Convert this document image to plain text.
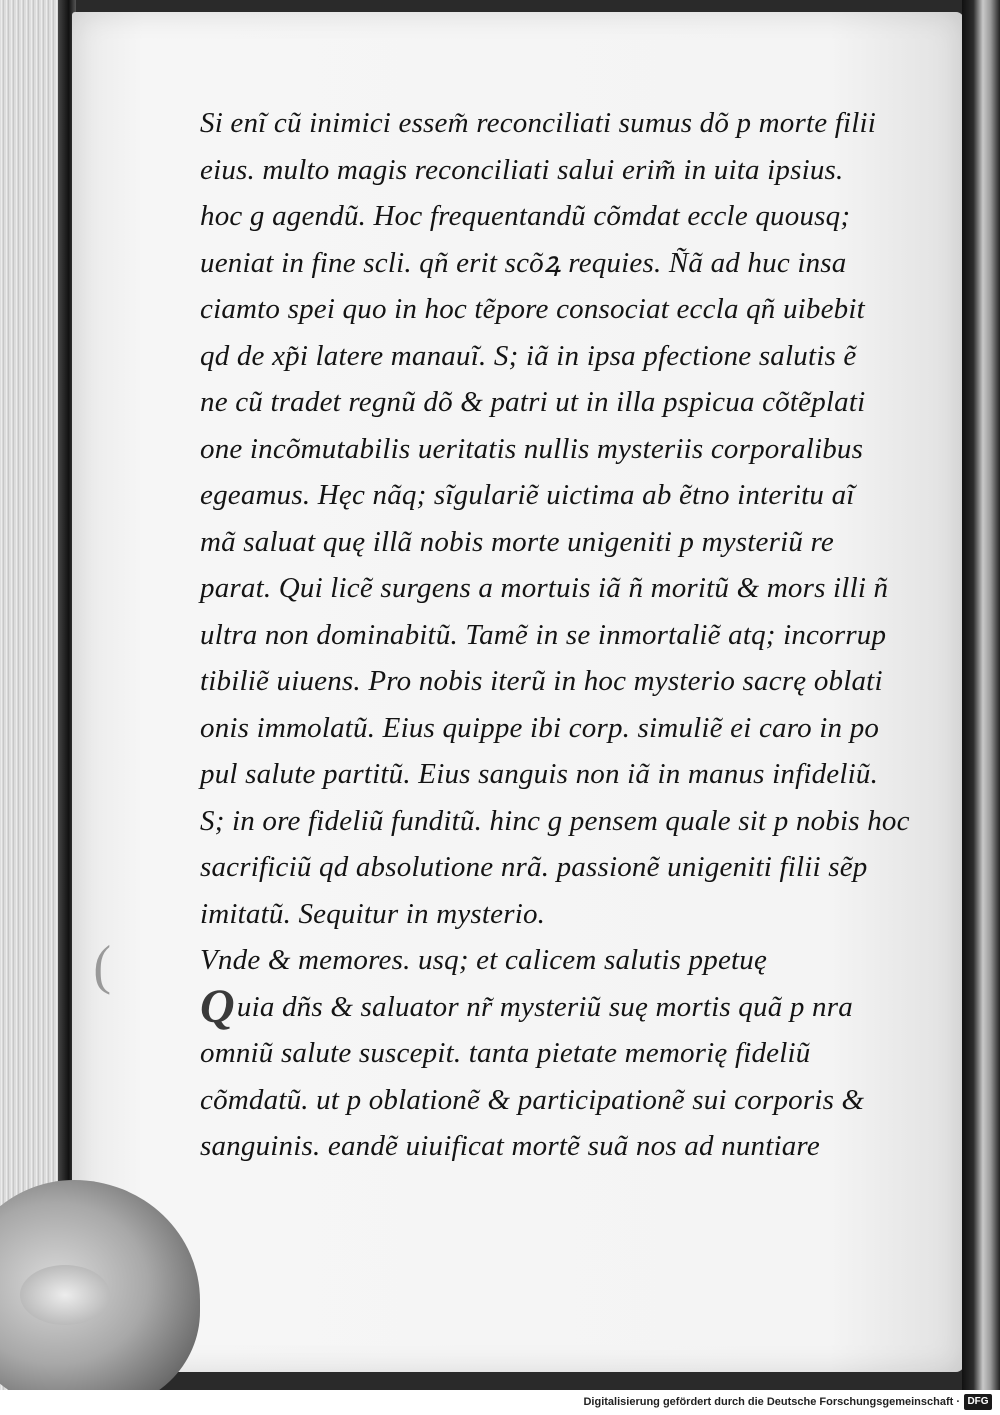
(
Si enĩ cũ inimici essem̃ reconciliati sumus dõ p morte filii
eius. multo magis reconciliati salui erim̃ in uita ipsius.
hoc g agendũ. Hoc frequentandũ cõmdat eccle quousq;
ueniat in fine scli. qñ erit scõꝝ requies. Ñã ad huc insa
ciamto spei quo in hoc tẽpore consociat eccla qñ uibebit
qd de xp̃i latere manauĩ. S; iã in ipsa pfectione salutis ẽ
ne cũ tradet regnũ dõ & patri ut in illa pspicua cõtẽplati
one incõmutabilis ueritatis nullis mysteriis corporalibus
egeamus. Hęc nãq; sĩgulariẽ uictima ab ẽtno interitu aĩ
mã saluat quę illã nobis morte unigeniti p mysteriũ re
parat. Qui licẽ surgens a mortuis iã ñ moritũ & mors illi ñ
ultra non dominabitũ. Tamẽ in se inmortaliẽ atq; incorrup
tibiliẽ uiuens. Pro nobis iterũ in hoc mysterio sacrę oblati
onis immolatũ. Eius quippe ibi corp. simuliẽ ei caro in po
pul salute partitũ. Eius sanguis non iã in manus infideliũ.
S; in ore fideliũ funditũ. hinc g pensem quale sit p nobis hoc
sacrificiũ qd absolutione nrã. passionẽ unigeniti filii sẽp
imitatũ. Sequitur in mysterio.
Vnde & memores. usq; et calicem salutis ppetuę
Quia dñs & saluator nr̃ mysteriũ suę mortis quã p nra
omniũ salute suscepit. tanta pietate memorię fideliũ
cõmdatũ. ut p oblationẽ & participationẽ sui corporis &
sanguinis. eandẽ uiuificat mortẽ suã nos ad nuntiare
Digitalisierung gefördert durch die Deutsche Forschungsgemeinschaft · DFG
